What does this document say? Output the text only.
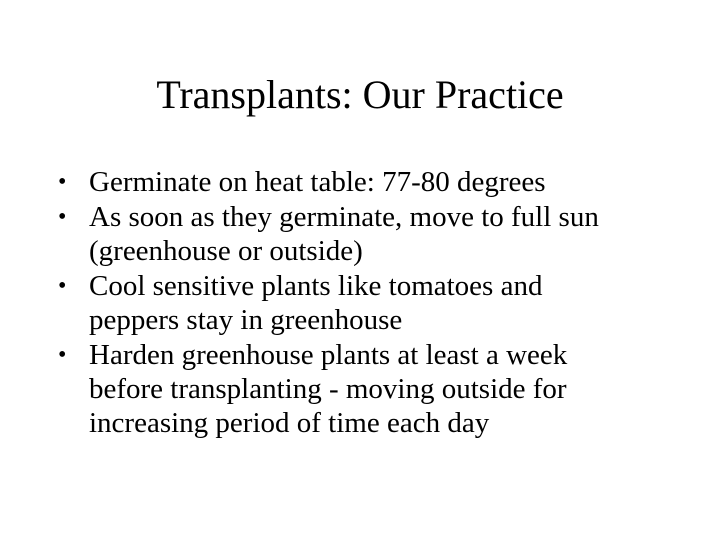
Transplants: Our Practice
• Germinate on heat table: 77-80 degrees
• As soon as they germinate, move to full sun
(greenhouse or outside)
• Cool sensitive plants like tomatoes and
peppers stay in greenhouse
• Harden greenhouse plants at least a week
before transplanting - moving outside for
increasing period of time each day
